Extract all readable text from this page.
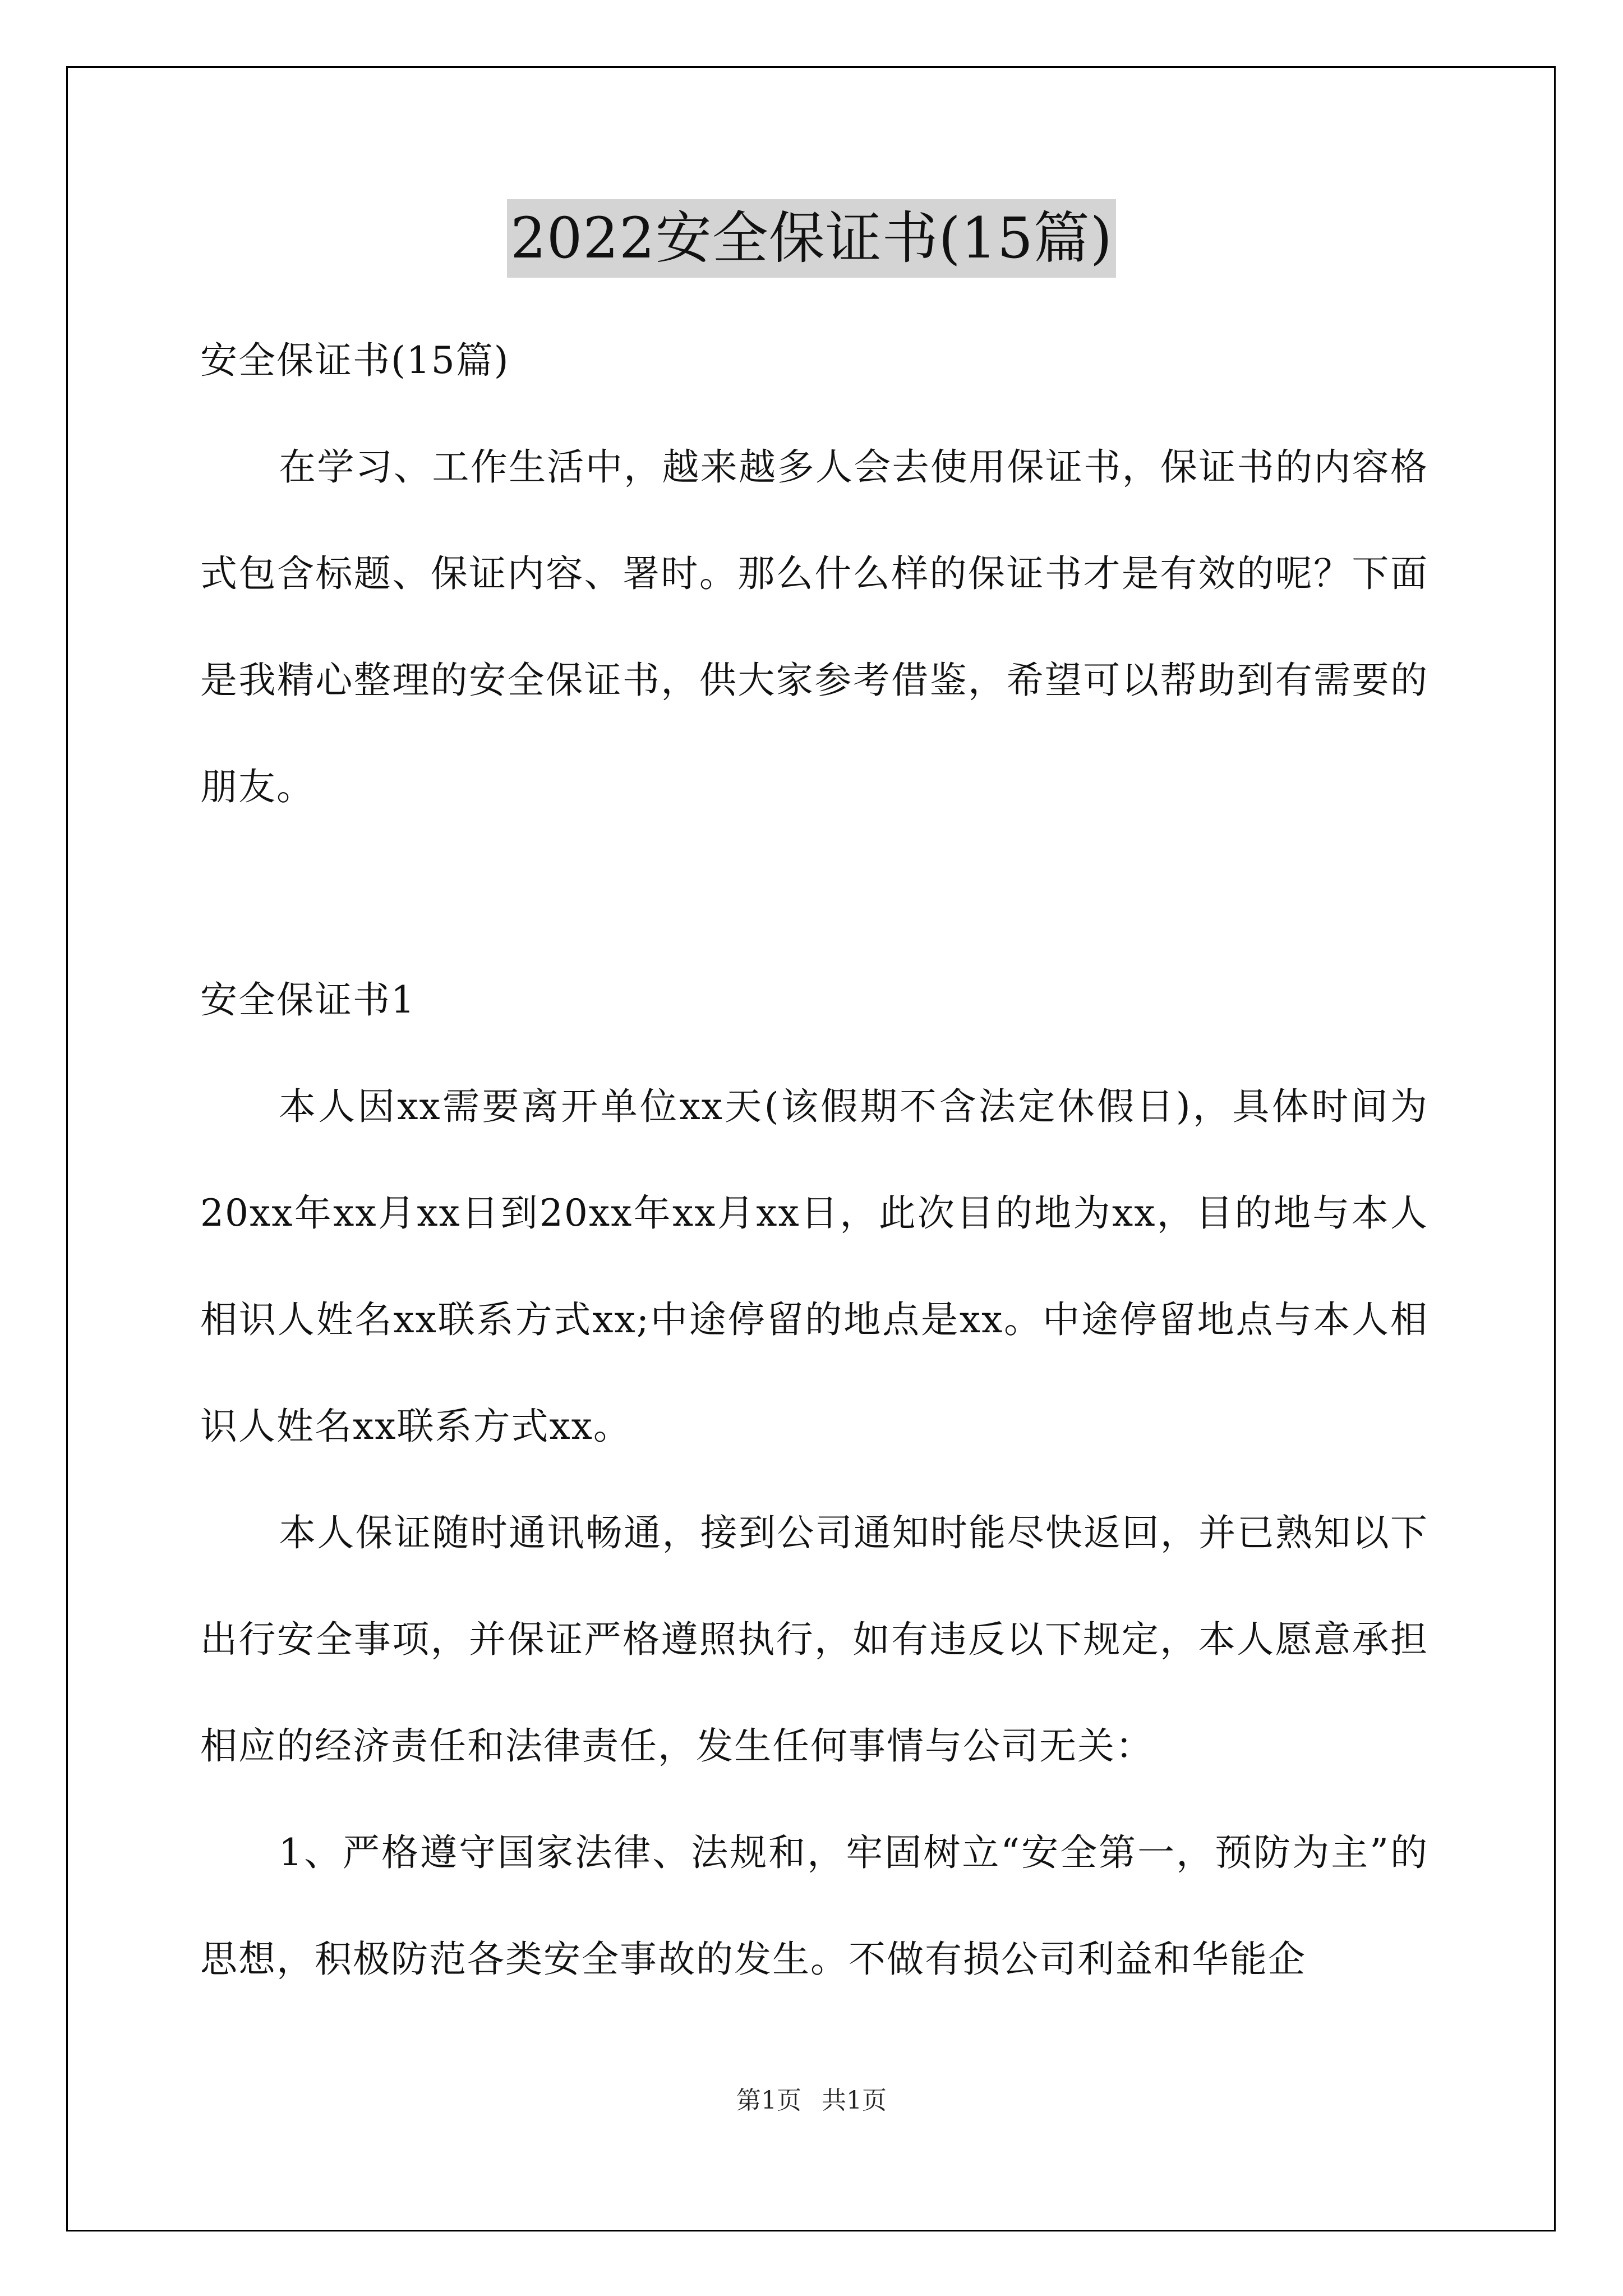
2022安全保证书(15篇)

安全保证书(15篇)

在学习、工作生活中，越来越多人会去使用保证书，保证书的内容格式包含标题、保证内容、署时。那么什么样的保证书才是有效的呢？下面是我精心整理的安全保证书，供大家参考借鉴，希望可以帮助到有需要的朋友。

安全保证书1

本人因xx需要离开单位xx天(该假期不含法定休假日)，具体时间为20xx年xx月xx日到20xx年xx月xx日，此次目的地为xx，目的地与本人相识人姓名xx联系方式xx;中途停留的地点是xx。中途停留地点与本人相识人姓名xx联系方式xx。

本人保证随时通讯畅通，接到公司通知时能尽快返回，并已熟知以下出行安全事项，并保证严格遵照执行，如有违反以下规定，本人愿意承担相应的经济责任和法律责任，发生任何事情与公司无关：

1、严格遵守国家法律、法规和，牢固树立“安全第一，预防为主”的思想，积极防范各类安全事故的发生。不做有损公司利益和华能企

第1页 共1页
